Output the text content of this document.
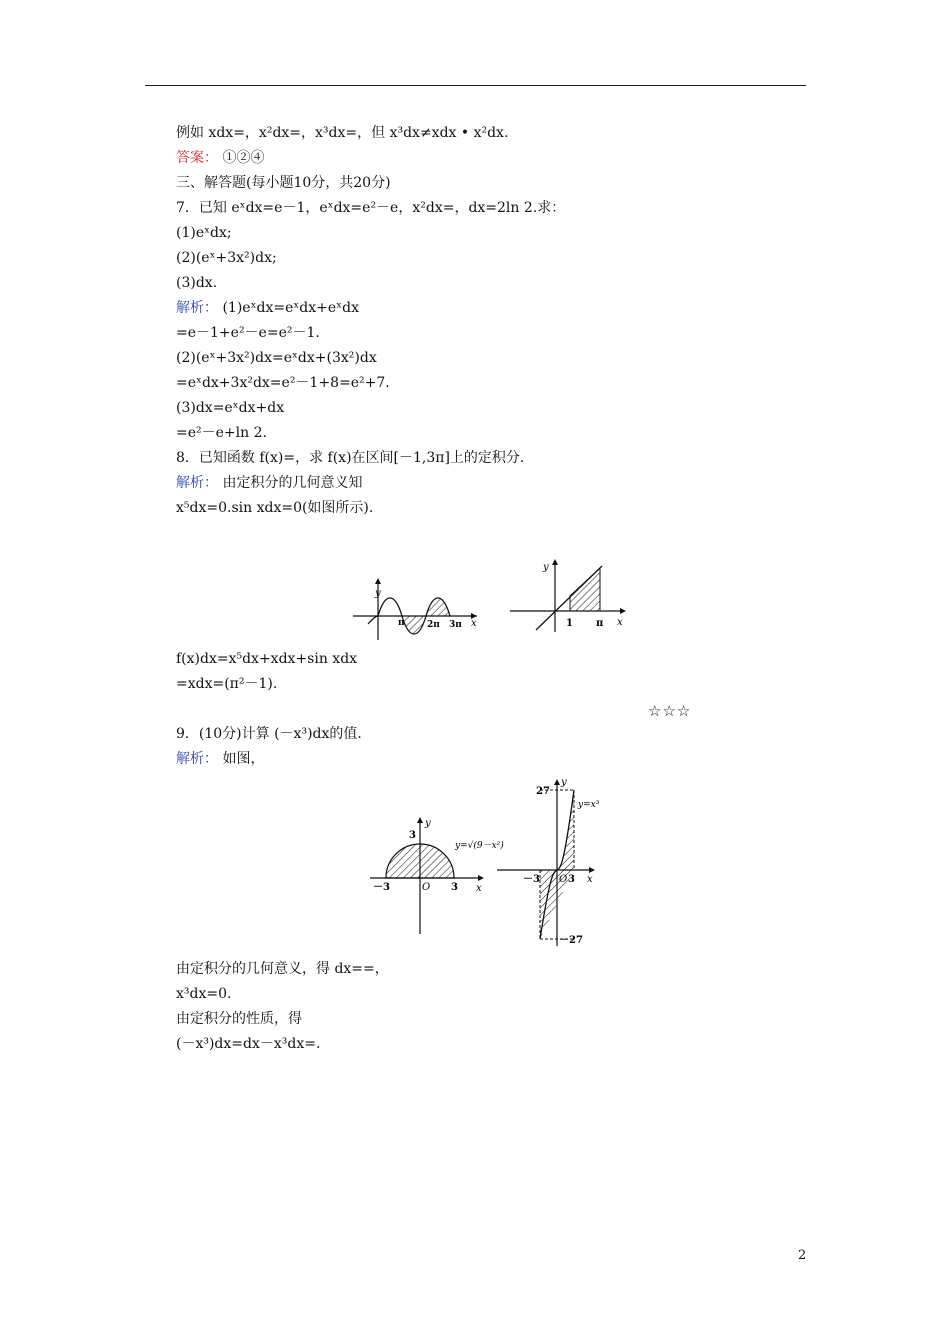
例如 xdx=，x²dx=，x³dx=，但 x³dx≠xdx • x²dx.
答案： ①②④
三、解答题(每小题10分，共20分)
7．已知 eˣdx=e－1，eˣdx=e²－e，x²dx=，dx=2ln 2.求：
(1)eˣdx;
(2)(eˣ+3x²)dx;
(3)dx.
解析： (1)eˣdx=eˣdx+eˣdx
=e－1+e²－e=e²－1.
(2)(eˣ+3x²)dx=eˣdx+(3x²)dx
=eˣdx+3x²dx=e²－1+8=e²+7.
(3)dx=eˣdx+dx
=e²－e+ln 2.
8．已知函数 f(x)=，求 f(x)在区间[－1,3π]上的定积分.
解析： 由定积分的几何意义知
x⁵dx=0.sin xdx=0(如图所示).
f(x)dx=x⁵dx+xdx+sin xdx
=xdx=(π²－1).
9．(10分)计算 (－x³)dx的值.
解析： 如图，
由定积分的几何意义，得 dx==，
x³dx=0.
由定积分的性质，得
(－x³)dx=dx－x³dx=.
☆☆☆
2
y
x
π 2π 3π
y
x
1 π
y
x
3
－3	O 3
y=√(9－x²)
y
x
27
－27
－3 O 3
y=x³
